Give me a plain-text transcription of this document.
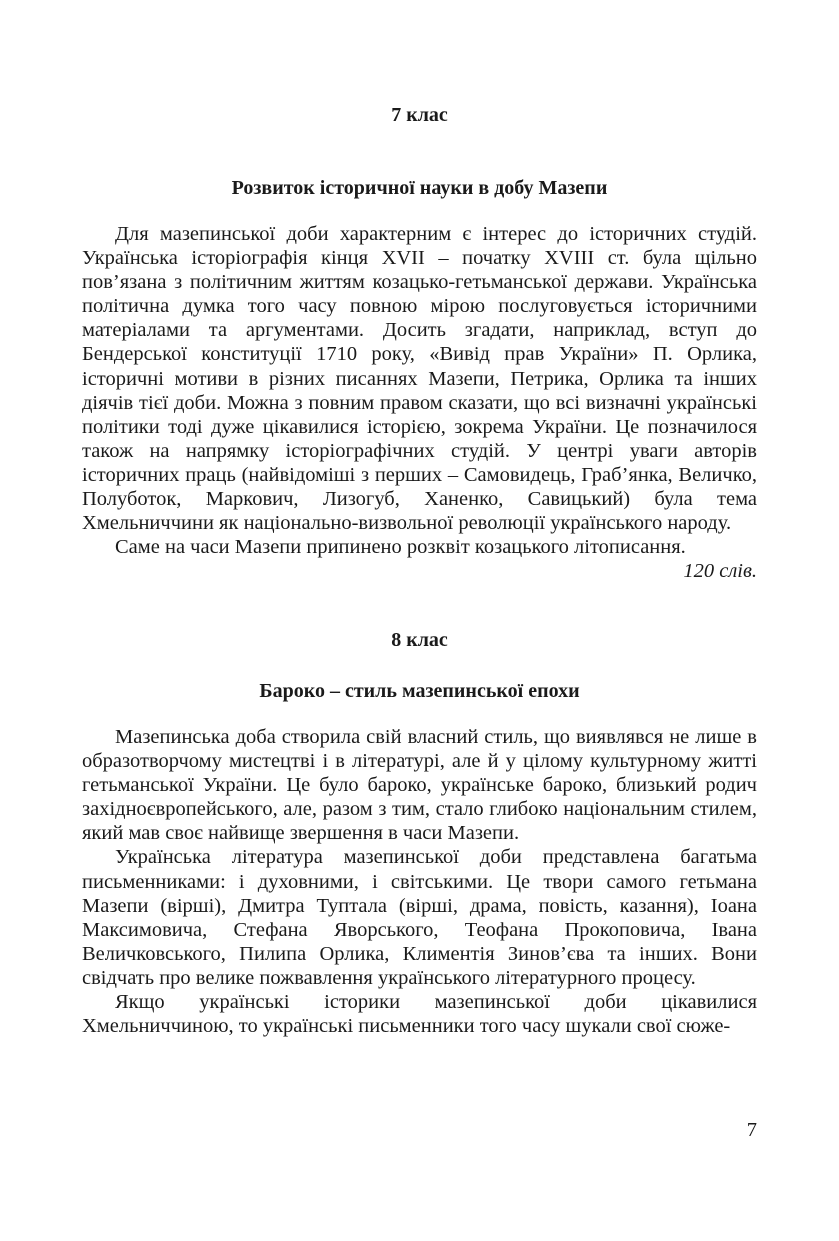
7 клас
Розвиток історичної науки в добу Мазепи

Для мазепинської доби характерним є інтерес до історичних студій. Українська історіографія кінця XVII – початку XVIII ст. була щільно пов’язана з політичним життям козацько-гетьманської держави. Українська політична думка того часу повною мірою послуговується історичними матеріалами та аргументами. Досить згадати, наприклад, вступ до Бендерської конституції 1710 року, «Вивід прав України» П. Орлика, історичні мотиви в різних писаннях Мазепи, Петрика, Орлика та інших діячів тієї доби. Можна з повним правом сказати, що всі визначні українські політики тоді дуже цікавилися історією, зокрема України. Це позначилося також на напрямку історіографічних студій. У центрі уваги авторів історичних праць (найвідоміші з перших – Самовидець, Граб’янка, Величко, Полуботок, Маркович, Лизогуб, Ханенко, Савицький) була тема Хмельниччини як національно-визвольної революції українського народу.

Саме на часи Мазепи припинено розквіт козацького літописання.

120 слів.

8 клас
Бароко – стиль мазепинської епохи

Мазепинська доба створила свій власний стиль, що виявлявся не лише в образотворчому мистецтві і в літературі, але й у цілому культурному житті гетьманської України. Це було бароко, українське бароко, близький родич західноєвропейського, але, разом з тим, стало глибоко національним стилем, який мав своє найвище звершення в часи Мазепи.

Українська література мазепинської доби представлена багатьма письменниками: і духовними, і світськими. Це твори самого гетьмана Мазепи (вірші), Дмитра Туптала (вірші, драма, повість, казання), Іоана Максимовича, Стефана Яворського, Теофана Прокоповича, Івана Величковського, Пилипа Орлика, Климентія Зинов’єва та інших. Вони свідчать про велике пожвавлення українського літературного процесу.

Якщо українські історики мазепинської доби цікавилися Хмельниччиною, то українські письменники того часу шукали свої сюже-

7
